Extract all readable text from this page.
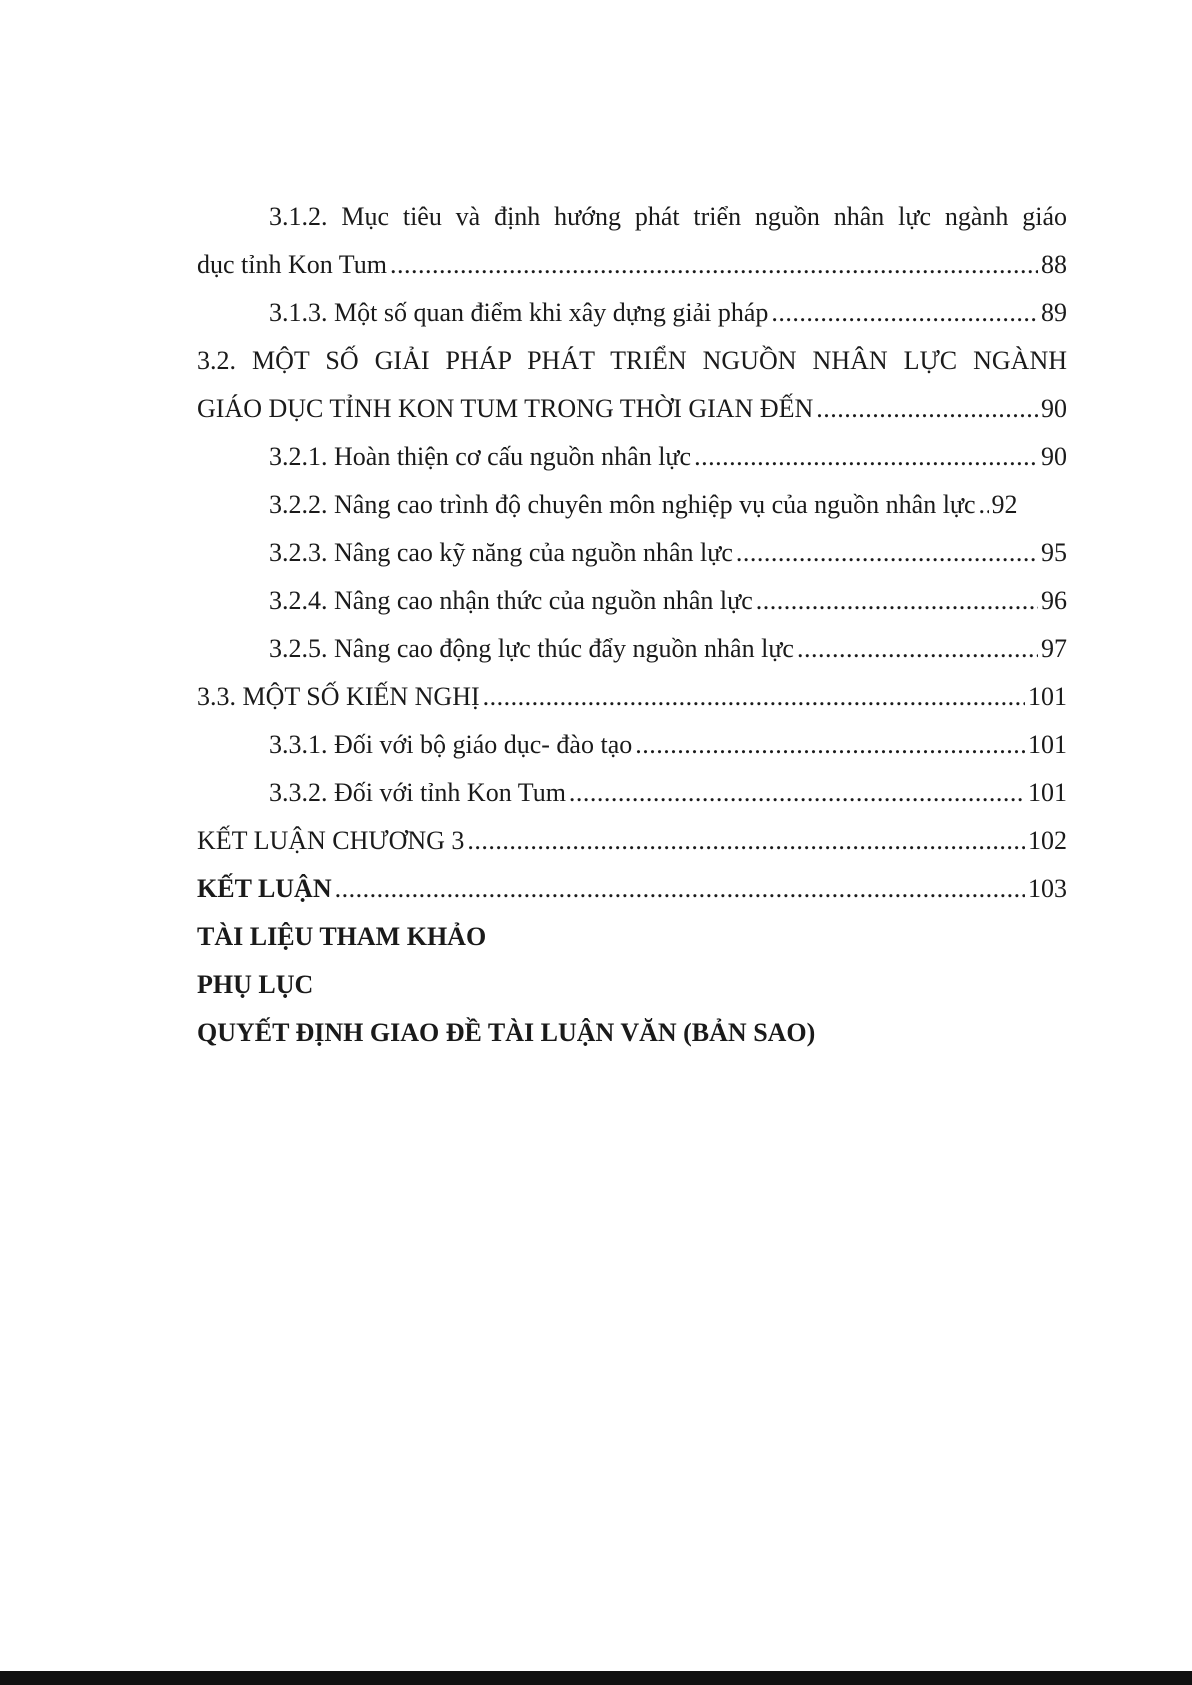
3.1.2. Mục tiêu và định hướng phát triển nguồn nhân lực ngành giáo
dục tỉnh Kon Tum .....	88
3.1.3. Một số quan điểm khi xây dựng giải pháp .....	89
3.2. MỘT SỐ GIẢI PHÁP PHÁT TRIỂN NGUỒN NHÂN LỰC NGÀNH
GIÁO DỤC TỈNH KON TUM TRONG THỜI GIAN ĐẾN .....	90
3.2.1. Hoàn thiện cơ cấu nguồn nhân lực .....	90
3.2.2. Nâng cao trình độ chuyên môn nghiệp vụ của nguồn nhân lực ..... 92
3.2.3. Nâng cao kỹ năng của nguồn nhân lực .....	95
3.2.4. Nâng cao nhận thức của nguồn nhân lực .....	96
3.2.5. Nâng cao động lực thúc đẩy nguồn nhân lực .....	97
3.3. MỘT SỐ KIẾN NGHỊ .....	101
3.3.1. Đối với bộ giáo dục- đào tạo .....	101
3.3.2. Đối với tỉnh Kon Tum .....	101
KẾT LUẬN CHƯƠNG 3 .....	102
KẾT LUẬN .....	103
TÀI LIỆU THAM KHẢO
PHỤ LỤC
QUYẾT ĐỊNH GIAO ĐỀ TÀI LUẬN VĂN (BẢN SAO)
